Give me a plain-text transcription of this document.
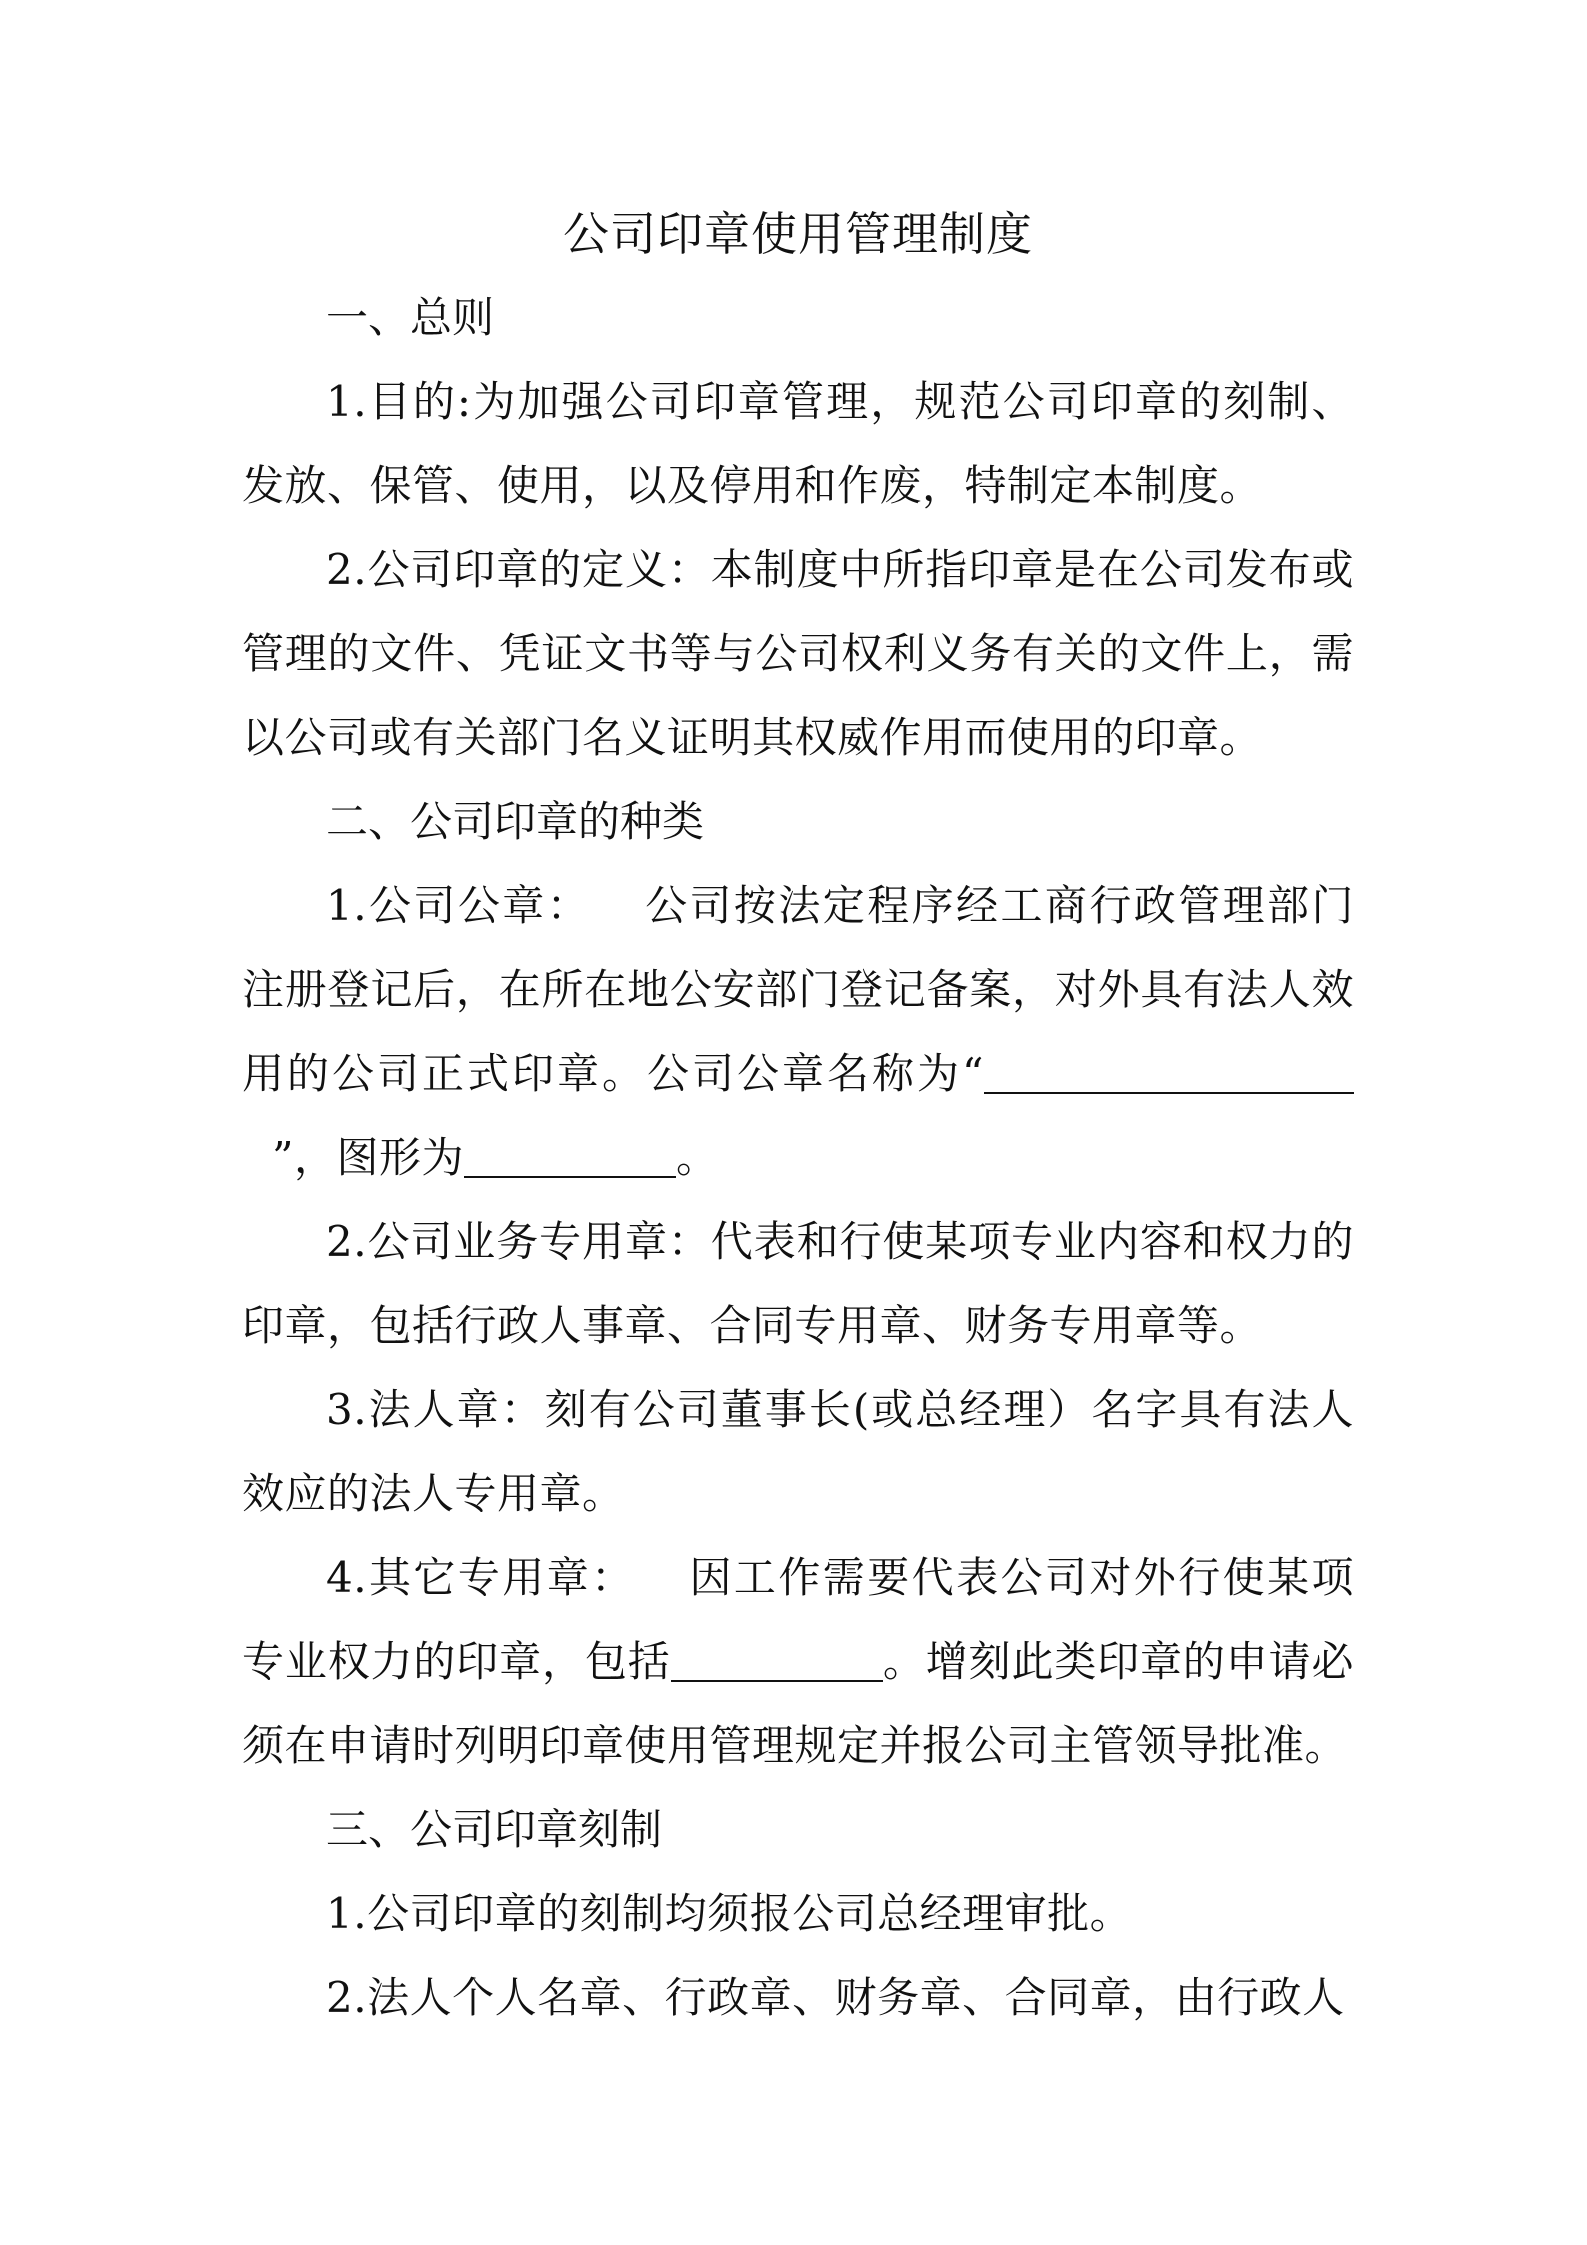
公司印章使用管理制度

一、总则

1.目的:为加强公司印章管理，规范公司印章的刻制、发放、保管、使用，以及停用和作废，特制定本制度。

2.公司印章的定义：本制度中所指印章是在公司发布或管理的文件、凭证文书等与公司权利义务有关的文件上，需以公司或有关部门名义证明其权威作用而使用的印章。

二、公司印章的种类

1.公司公章： 公司按法定程序经工商行政管理部门注册登记后，在所在地公安部门登记备案，对外具有法人效用的公司正式印章。公司公章名称为“”，图形为	。

2.公司业务专用章：代表和行使某项专业内容和权力的印章，包括行政人事章、合同专用章、财务专用章等。

3.法人章：刻有公司董事长(或总经理）名字具有法人效应的法人专用章。

4.其它专用章： 因工作需要代表公司对外行使某项专业权力的印章，包括	。增刻此类印章的申请必须在申请时列明印章使用管理规定并报公司主管领导批准。

三、公司印章刻制

1.公司印章的刻制均须报公司总经理审批。

2.法人个人名章、行政章、财务章、合同章，由行政人
